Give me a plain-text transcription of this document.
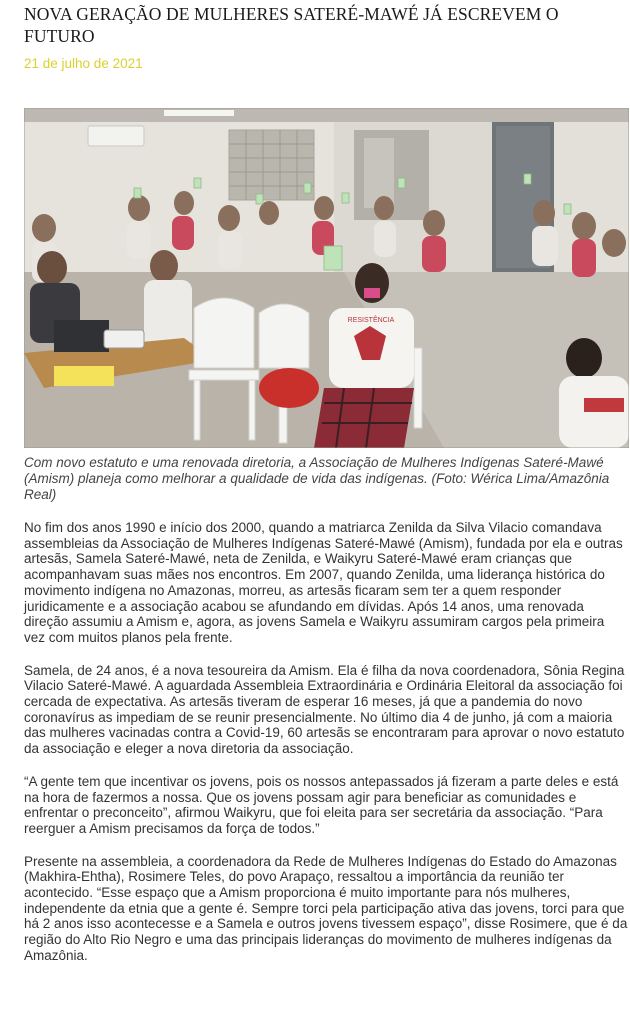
NOVA GERAÇÃO DE MULHERES SATERÉ-MAWÉ JÁ ESCREVEM O FUTURO
21 de julho de 2021
RESISTÊNCIA

Com novo estatuto e uma renovada diretoria, a Associação de Mulheres Indígenas Sateré-Mawé (Amism) planeja como melhorar a qualidade de vida das indígenas. (Foto: Wérica Lima/Amazônia Real)

No fim dos anos 1990 e início dos 2000, quando a matriarca Zenilda da Silva Vilacio comandava assembleias da Associação de Mulheres Indígenas Sateré-Mawé (Amism), fundada por ela e outras artesãs, Samela Sateré-Mawé, neta de Zenilda, e Waikyru Sateré-Mawé eram crianças que acompanhavam suas mães nos encontros. Em 2007, quando Zenilda, uma liderança histórica do movimento indígena no Amazonas, morreu, as artesãs ficaram sem ter a quem responder juridicamente e a associação acabou se afundando em dívidas. Após 14 anos, uma renovada direção assumiu a Amism e, agora, as jovens Samela e Waikyru assumiram cargos pela primeira vez com muitos planos pela frente.

Samela, de 24 anos, é a nova tesoureira da Amism. Ela é filha da nova coordenadora, Sônia Regina Vilacio Sateré-Mawé. A aguardada Assembleia Extraordinária e Ordinária Eleitoral da associação foi cercada de expectativa. As artesãs tiveram de esperar 16 meses, já que a pandemia do novo coronavírus as impediam de se reunir presencialmente. No último dia 4 de junho, já com a maioria das mulheres vacinadas contra a Covid-19, 60 artesãs se encontraram para aprovar o novo estatuto da associação e eleger a nova diretoria da associação.

“A gente tem que incentivar os jovens, pois os nossos antepassados já fizeram a parte deles e está na hora de fazermos a nossa. Que os jovens possam agir para beneficiar as comunidades e enfrentar o preconceito”, afirmou Waikyru, que foi eleita para ser secretária da associação. “Para reerguer a Amism precisamos da força de todos.”

Presente na assembleia, a coordenadora da Rede de Mulheres Indígenas do Estado do Amazonas (Makhira-Ehtha), Rosimere Teles, do povo Arapaço, ressaltou a importância da reunião ter acontecido. “Esse espaço que a Amism proporciona é muito importante para nós mulheres, independente da etnia que a gente é. Sempre torci pela participação ativa das jovens, torci para que há 2 anos isso acontecesse e a Samela e outros jovens tivessem espaço”, disse Rosimere, que é da região do Alto Rio Negro e uma das principais lideranças do movimento de mulheres indígenas da Amazônia.
